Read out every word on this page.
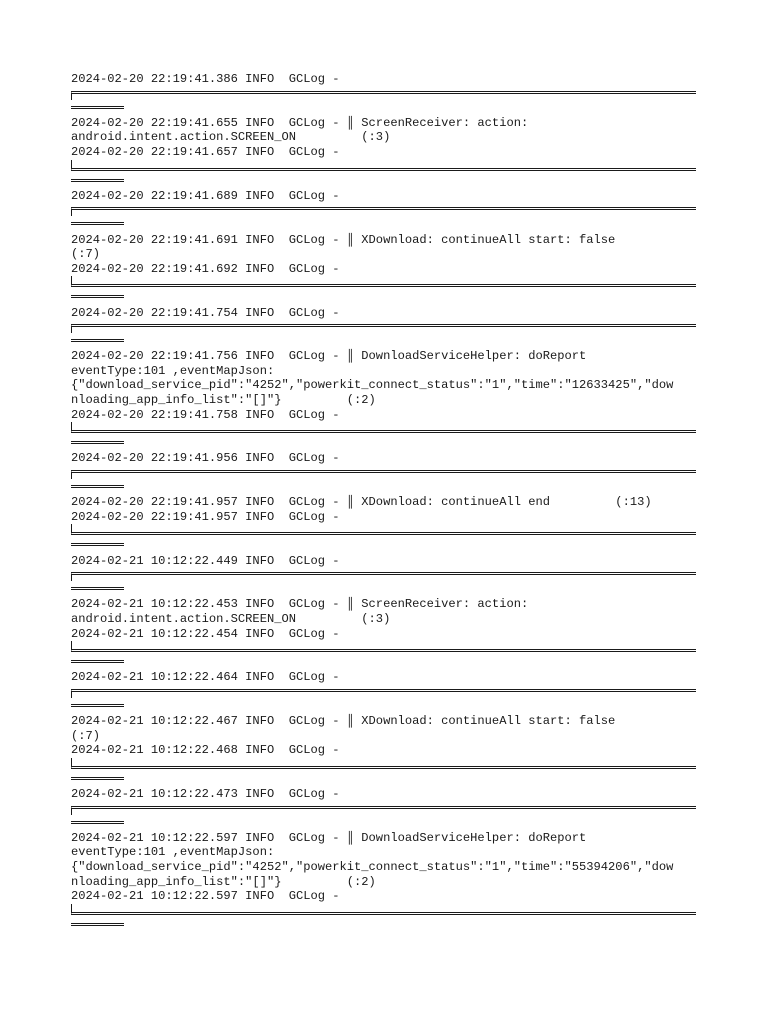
2024-02-20 22:19:41.386 INFO  GCLog -
2024-02-20 22:19:41.655 INFO  GCLog - ║ ScreenReceiver: action:
android.intent.action.SCREEN_ON         (:3)
2024-02-20 22:19:41.657 INFO  GCLog -
2024-02-20 22:19:41.689 INFO  GCLog -
2024-02-20 22:19:41.691 INFO  GCLog - ║ XDownload: continueAll start: false
(:7)
2024-02-20 22:19:41.692 INFO  GCLog -
2024-02-20 22:19:41.754 INFO  GCLog -
2024-02-20 22:19:41.756 INFO  GCLog - ║ DownloadServiceHelper: doReport
eventType:101 ,eventMapJson:
{"download_service_pid":"4252","powerkit_connect_status":"1","time":"12633425","dow
nloading_app_info_list":"[]"}         (:2)
2024-02-20 22:19:41.758 INFO  GCLog -
2024-02-20 22:19:41.956 INFO  GCLog -
2024-02-20 22:19:41.957 INFO  GCLog - ║ XDownload: continueAll end         (:13)
2024-02-20 22:19:41.957 INFO  GCLog -
2024-02-21 10:12:22.449 INFO  GCLog -
2024-02-21 10:12:22.453 INFO  GCLog - ║ ScreenReceiver: action:
android.intent.action.SCREEN_ON         (:3)
2024-02-21 10:12:22.454 INFO  GCLog -
2024-02-21 10:12:22.464 INFO  GCLog -
2024-02-21 10:12:22.467 INFO  GCLog - ║ XDownload: continueAll start: false
(:7)
2024-02-21 10:12:22.468 INFO  GCLog -
2024-02-21 10:12:22.473 INFO  GCLog -
2024-02-21 10:12:22.597 INFO  GCLog - ║ DownloadServiceHelper: doReport
eventType:101 ,eventMapJson:
{"download_service_pid":"4252","powerkit_connect_status":"1","time":"55394206","dow
nloading_app_info_list":"[]"}         (:2)
2024-02-21 10:12:22.597 INFO  GCLog -
